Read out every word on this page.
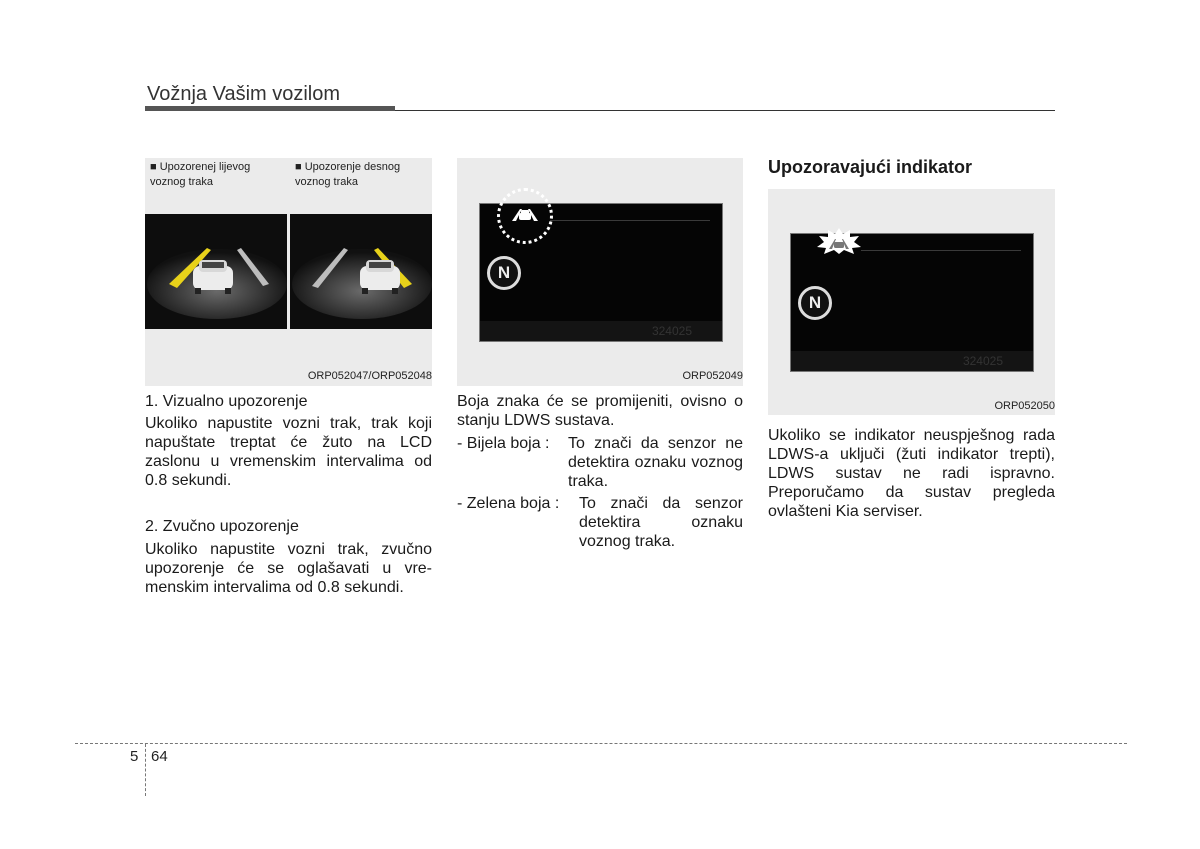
Vožnja Vašim vozilom
■ Upozorenej lijevog voznog traka
■ Upozorenje desnog voznog traka
ORP052047/ORP052048
1. Vizualno upozorenje
Ukoliko napustite vozni trak, trak koji napuštate treptat će žuto na LCD zaslonu u vremenskim intervalima od 0.8 sekundi.
2. Zvučno upozorenje
Ukoliko napustite vozni trak, zvučno upozorenje će se oglašavati u vre-menskim intervalima od 0.8 sekundi.
324025
N
ORP052049
Boja znaka će se promijeniti, ovisno o stanju LDWS sustava.
- Bijela boja : To znači da senzor ne detektira oznaku voznog traka.
- Zelena boja : To znači da senzor detektira oznaku voznog traka.
Upozoravajući indikator
324025
N
ORP052050
Ukoliko se indikator neuspješnog rada LDWS-a uključi (žuti indikator trepti), LDWS sustav ne radi ispravno. Preporučamo da sustav pregleda ovlašteni Kia serviser.
5 64
